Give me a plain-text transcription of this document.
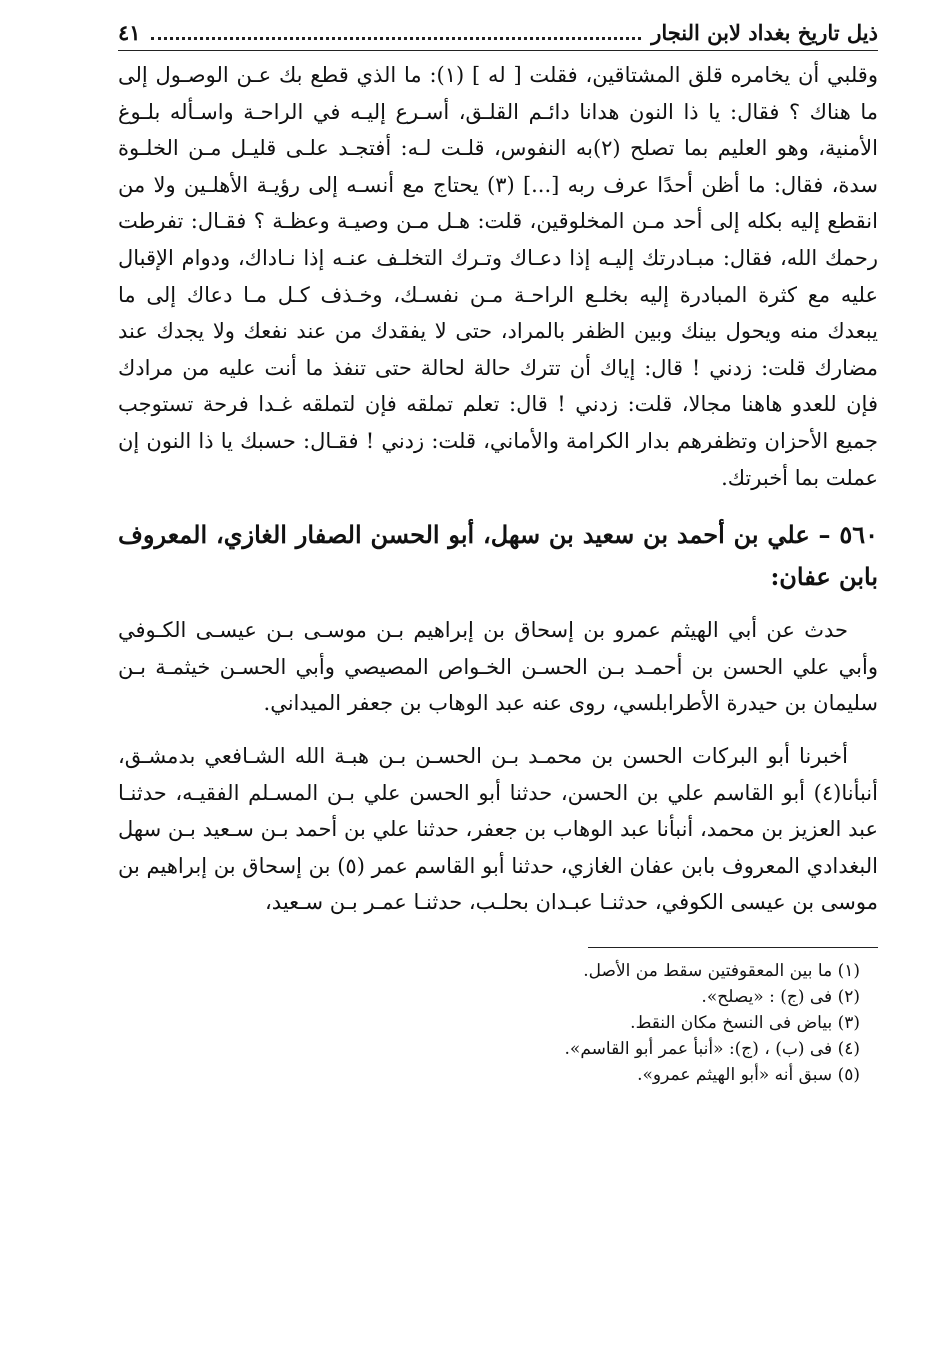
ذيل تاريخ بغداد لابن النجار
٤١

وقلبي أن يخامره قلق المشتاقين، فقلت [ له ] (١): ما الذي قطع بك عـن الوصـول إلى ما هناك ؟ فقال: يا ذا النون هدانا دائـم القلـق، أسـرع إليـه في الراحـة واسـأله بلـوغ الأمنية، وهو العليم بما تصلح (٢)به النفوس، قلـت لـه: أفتجـد علـى قليـل مـن الخلـوة سدة، فقال: ما أظن أحدًا عرف ربه [...] (٣) يحتاج مع أنسـه إلى رؤيـة الأهلـين ولا من انقطع إليه بكله إلى أحد مـن المخلوقين، قلت: هـل مـن وصيـة وعظـة ؟ فقـال: تفرطت رحمك الله، فقال: مبـادرتك إليـه إذا دعـاك وتـرك التخلـف عنـه إذا نـاداك، ودوام الإقبال عليه مع كثرة المبادرة إليه بخلـع الراحـة مـن نفسـك، وخـذف كـل مـا دعاك إلى ما يبعدك منه ويحول بينك وبين الظفر بالمراد، حتى لا يفقدك من عند نفعك ولا يجدك عند مضارك قلت: زدني ! قال: إياك أن تترك حالة لحالة حتى تنفذ ما أنت عليه من مرادك فإن للعدو هاهنا مجالا، قلت: زدني ! قال: تعلم تملقه فإن لتملقه غـدا فرحة تستوجب جميع الأحزان وتظفرهم بدار الكرامة والأماني، قلت: زدني ! فقـال: حسبك يا ذا النون إن عملت بما أخبرتك.

٥٦٠ – علي بن أحمد بن سعيد بن سهل، أبو الحسن الصفار الغازي، المعروف بابن عفان:

حدث عن أبي الهيثم عمرو بن إسحاق بن إبراهيم بـن موسـى بـن عيسـى الكـوفي وأبي علي الحسن بن أحمـد بـن الحسـن الخـواص المصيصي وأبي الحسـن خيثمـة بـن سليمان بن حيدرة الأطرابلسي، روى عنه عبد الوهاب بن جعفر الميداني.

أخبرنا أبو البركات الحسن بن محمـد بـن الحسـن بـن هبـة الله الشـافعي بدمشـق، أنبأنا(٤) أبو القاسم علي بن الحسن، حدثنا أبو الحسن علي بـن المسـلم الفقيـه، حدثنـا عبد العزيز بن محمد، أنبأنا عبد الوهاب بن جعفر، حدثنا علي بن أحمد بـن سـعيد بـن سهل البغدادي المعروف بابن عفان الغازي، حدثنا أبو القاسم عمر (٥) بن إسحاق بن إبراهيم بن موسى بن عيسى الكوفي، حدثنـا عبـدان بحلـب، حدثنـا عمـر بـن سـعيد،

(١) ما بين المعقوفتين سقط من الأصل.
(٢) فى (ج) : «يصلح».
(٣) بياض فى النسخ مكان النقط.
(٤) فى (ب) ، (ج): «أنبأ عمر أبو القاسم».
(٥) سبق أنه «أبو الهيثم عمرو».
